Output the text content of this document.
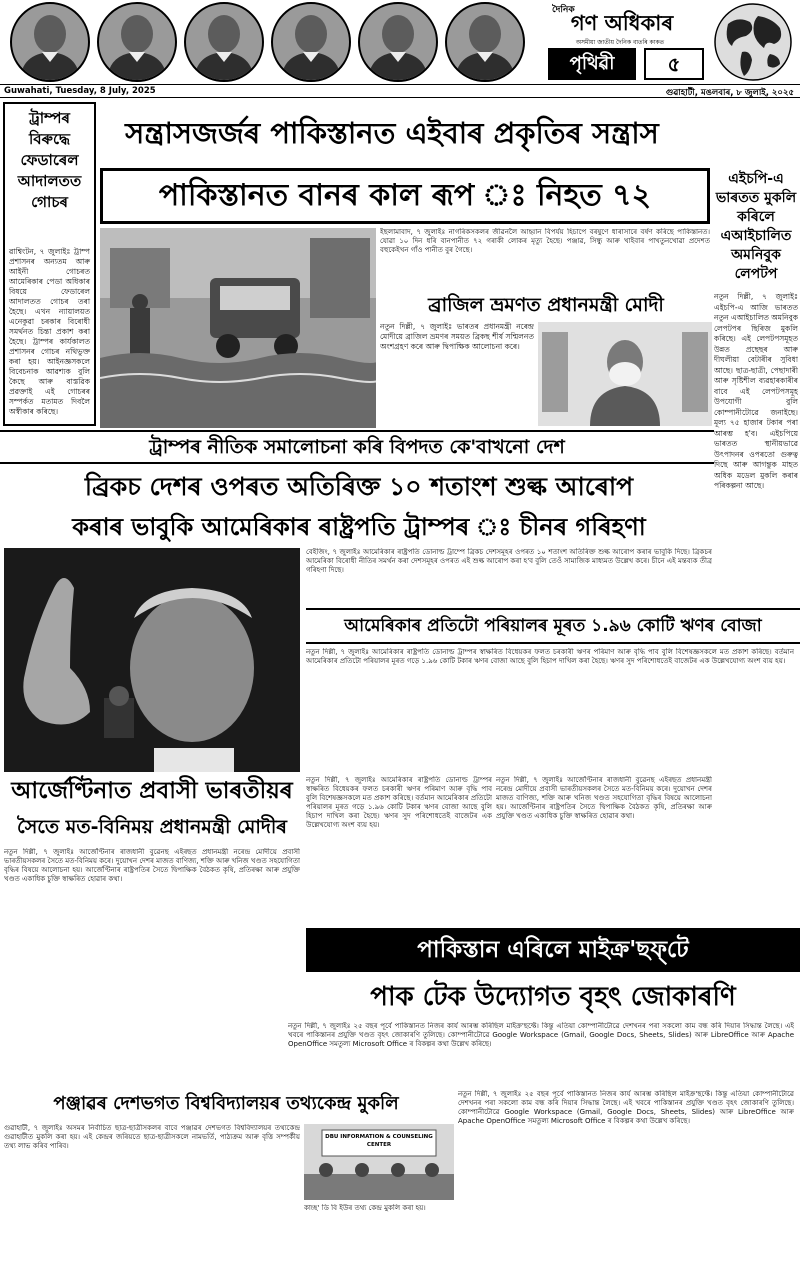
দৈনিক
গণ অধিকাৰ
অসমীয়া জাতীয় দৈনিক বাতৰি কাকত
পৃথিৱী	৫
Guwahati, Tuesday, 8 July, 2025	গুৱাহাটী, মঙলবাৰ, ৮ জুলাই, ২০২৫
ট্ৰাম্পৰ বিৰুদ্ধে ফেডাৰেল আদালতত গোচৰ
ৱাশ্বিংটন, ৭ জুলাইঃ ট্ৰাম্প প্ৰশাসনৰ অন্যতম আৰু আইনী গোচৰত আমেৰিকাৰ পেডা অধিকাৰ বিষয়ে ফেডাৰেল আদালতত গোচৰ তৰা হৈছে। এখন ন্যায়ালয়ত এনেকুৱা চৰকাৰ বিৰোধী সমৰ্থনত চিন্তা প্ৰকাশ কৰা হৈছে। ট্ৰাম্পৰ কাৰ্যকালত প্ৰশাসনৰ গোচৰ নথিভুক্ত কৰা হয়। আইনজ্ঞসকলে বিবেচনাক আৱশ্যক বুলি কৈছে আৰু বাস্তৱিক প্ৰৱক্তাই এই গোচৰৰ সম্পৰ্কত মতামত দিবলৈ অস্বীকাৰ কৰিছে।
সন্ত্ৰাসজৰ্জৰ পাকিস্তানত এইবাৰ প্ৰকৃতিৰ সন্ত্ৰাস
পাকিস্তানত বানৰ কাল ৰূপ ঃ নিহত ৭২	এইচপি-এ ভাৰতত মুকলি কৰিলে এআইচালিত অমনিবুক লেপটপ
নতুন দিল্লী, ৭ জুলাইঃ এইচপি-এ আজি ভাৰতত নতুন এআইচালিত অমনিবুক লেপটপৰ ছিৰিজ মুকলি কৰিছে। এই লেপটপসমূহত উন্নত প্ৰছেছৰ আৰু দীঘলীয়া বেটাৰীৰ সুবিধা আছে। ছাত্ৰ-ছাত্ৰী, পেছাদাৰী আৰু সৃষ্টিশীল ব্যৱহাৰকাৰীৰ বাবে এই লেপটপসমূহ উপযোগী বুলি কোম্পানীটোৱে জনাইছে। মূল্য ৭৫ হাজাৰ টকাৰ পৰা আৰম্ভ হ'ব। এইচপিয়ে ভাৰতত স্থানীয়ভাৱে উৎপাদনৰ ওপৰতো গুৰুত্ব দিছে আৰু আগন্তুক মাহত অধিক মডেল মুকলি কৰাৰ পৰিকল্পনা আছে।
ইছলামাবাদ, ৭ জুলাইঃ নাগৰিকসকলৰ জীৱনলৈ আহ্বান বিপৰ্যয় হিচাপে বৰষুণে ধাৰাসাৰে বৰ্ষণ কৰিছে পাকিস্তানত। যোৱা ১০ দিন ধৰি বানপানীত ৭২ গৰাকী লোকৰ মৃত্যু হৈছে। পঞ্জাৱ, সিন্ধু আৰু খাইবাৰ পাখতুনখোৱা প্ৰদেশত বহুকেইখন গাঁও পানীত বুৰ গৈছে।
ব্ৰাজিল ভ্ৰমণত প্ৰধানমন্ত্ৰী মোদী
নতুন দিল্লী, ৭ জুলাইঃ ভাৰতৰ প্ৰধানমন্ত্ৰী নৰেন্দ্ৰ মোদীয়ে ব্ৰাজিল ভ্ৰমণৰ সময়ত ব্ৰিকছ শীৰ্ষ সন্মিলনত অংশগ্ৰহণ কৰে আৰু দ্বিপাক্ষিক আলোচনা কৰে।
ট্ৰাম্পৰ নীতিক সমালোচনা কৰি বিপদত কে'বাখনো দেশ
ব্ৰিকচ দেশৰ ওপৰত অতিৰিক্ত ১০ শতাংশ শুল্ক আৰোপ
কৰাৰ ভাবুকি আমেৰিকাৰ ৰাষ্ট্ৰপতি ট্ৰাম্পৰ ঃ চীনৰ গৰিহণা
বেইজিং, ৭ জুলাইঃ আমেৰিকাৰ ৰাষ্ট্ৰপতি ডোনাল্ড ট্ৰাম্পে ব্ৰিকচ দেশসমূহৰ ওপৰত ১০ শতাংশ অতিৰিক্ত শুল্ক আৰোপ কৰাৰ ভাবুকি দিছে। ব্ৰিকচৰ আমেৰিকা বিৰোধী নীতিৰ সমৰ্থন কৰা দেশসমূহৰ ওপৰত এই শুল্ক আৰোপ কৰা হ'ব বুলি তেওঁ সামাজিক মাধ্যমত উল্লেখ কৰে। চীনে এই মন্তব্যক তীব্ৰ গৰিহণা দিছে।
আমেৰিকাৰ প্ৰতিটো পৰিয়ালৰ মূৰত ১.৯৬ কোটি ঋণৰ বোজা
নতুন দিল্লী, ৭ জুলাইঃ আমেৰিকাৰ ৰাষ্ট্ৰপতি ডোনাল্ড ট্ৰাম্পৰ স্বাক্ষৰিত বিধেয়কৰ ফলত চৰকাৰী ঋণৰ পৰিমাণ আৰু বৃদ্ধি পাব বুলি বিশেষজ্ঞসকলে মত প্ৰকাশ কৰিছে। বৰ্তমান আমেৰিকাৰ প্ৰতিটো পৰিয়ালৰ মূৰত গড়ে ১.৯৬ কোটি টকাৰ ঋণৰ বোজা আছে বুলি হিচাপ দাখিল কৰা হৈছে। ঋণৰ সুদ পৰিশোধতেই বাজেটৰ এক উল্লেখযোগ্য অংশ ব্যয় হয়।
আৰ্জেণ্টিনাত প্ৰবাসী ভাৰতীয়ৰ
সৈতে মত-বিনিময় প্ৰধানমন্ত্ৰী মোদীৰ
নতুন দিল্লী, ৭ জুলাইঃ আৰ্জেণ্টিনাৰ ৰাজধানী বুৱেনছ এইৰছত প্ৰধানমন্ত্ৰী নৰেন্দ্ৰ মোদীয়ে প্ৰবাসী ভাৰতীয়সকলৰ সৈতে মত-বিনিময় কৰে। দুয়োখন দেশৰ মাজত বাণিজ্য, শক্তি আৰু খনিজ খণ্ডত সহযোগিতা বৃদ্ধিৰ বিষয়ে আলোচনা হয়। আৰ্জেণ্টিনাৰ ৰাষ্ট্ৰপতিৰ সৈতে দ্বিপাক্ষিক বৈঠকত কৃষি, প্ৰতিৰক্ষা আৰু প্ৰযুক্তি খণ্ডত একাধিক চুক্তি স্বাক্ষৰিত হোৱাৰ কথা।
নতুন দিল্লী, ৭ জুলাইঃ আমেৰিকাৰ ৰাষ্ট্ৰপতি ডোনাল্ড ট্ৰাম্পৰ স্বাক্ষৰিত বিধেয়কৰ ফলত চৰকাৰী ঋণৰ পৰিমাণ আৰু বৃদ্ধি পাব বুলি বিশেষজ্ঞসকলে মত প্ৰকাশ কৰিছে। বৰ্তমান আমেৰিকাৰ প্ৰতিটো পৰিয়ালৰ মূৰত গড়ে ১.৯৬ কোটি টকাৰ ঋণৰ বোজা আছে বুলি হিচাপ দাখিল কৰা হৈছে। ঋণৰ সুদ পৰিশোধতেই বাজেটৰ এক উল্লেখযোগ্য অংশ ব্যয় হয়।
নতুন দিল্লী, ৭ জুলাইঃ আৰ্জেণ্টিনাৰ ৰাজধানী বুৱেনছ এইৰছত প্ৰধানমন্ত্ৰী নৰেন্দ্ৰ মোদীয়ে প্ৰবাসী ভাৰতীয়সকলৰ সৈতে মত-বিনিময় কৰে। দুয়োখন দেশৰ মাজত বাণিজ্য, শক্তি আৰু খনিজ খণ্ডত সহযোগিতা বৃদ্ধিৰ বিষয়ে আলোচনা হয়। আৰ্জেণ্টিনাৰ ৰাষ্ট্ৰপতিৰ সৈতে দ্বিপাক্ষিক বৈঠকত কৃষি, প্ৰতিৰক্ষা আৰু প্ৰযুক্তি খণ্ডত একাধিক চুক্তি স্বাক্ষৰিত হোৱাৰ কথা।
পাকিস্তান এৰিলে মাইক্ৰ'ছফ্‌টে
পাক টেক উদ্যোগত বৃহৎ জোকাৰণি
নতুন দিল্লী, ৭ জুলাইঃ ২৫ বছৰ পূৰ্বে পাকিস্তানত নিজৰ কাৰ্য আৰম্ভ কৰিছিল মাইক্ৰ'ছফ্টে। কিন্তু এতিয়া কোম্পানীটোৱে দেশখনৰ পৰা সকলো কাম বন্ধ কৰি দিয়াৰ সিদ্ধান্ত লৈছে। এই খবৰে পাকিস্তানৰ প্ৰযুক্তি খণ্ডত বৃহৎ জোকাৰণি তুলিছে। কোম্পানীটোৱে Google Workspace (Gmail, Google Docs, Sheets, Slides) আৰু LibreOffice আৰু Apache OpenOffice সমতুল্য Microsoft Office ৰ বিকল্পৰ কথা উল্লেখ কৰিছে।
পঞ্জাৱৰ দেশভগত বিশ্ববিদ্যালয়ৰ তথ্যকেন্দ্ৰ মুকলি
গুৱাহাটী, ৭ জুলাইঃ অসমৰ নিৰ্বাচিত ছাত্ৰ-ছাত্ৰীসকলৰ বাবে পঞ্জাৱৰ দেশভগত বিশ্ববিদ্যালয়ৰ তথ্যকেন্দ্ৰ গুৱাহাটীত মুকলি কৰা হয়। এই কেন্দ্ৰৰ জৰিয়তে ছাত্ৰ-ছাত্ৰীসকলে নামভৰ্তি, পাঠ্যক্ৰম আৰু বৃত্তি সম্পৰ্কীয় তথ্য লাভ কৰিব পাৰিব।
DBU INFORMATION & COUNSELING CENTER
কাচ্ছ' ডি বি ইউৰ তথ্য কেন্দ্ৰ মুকলি কৰা হয়।
নতুন দিল্লী, ৭ জুলাইঃ ২৫ বছৰ পূৰ্বে পাকিস্তানত নিজৰ কাৰ্য আৰম্ভ কৰিছিল মাইক্ৰ'ছফ্টে। কিন্তু এতিয়া কোম্পানীটোৱে দেশখনৰ পৰা সকলো কাম বন্ধ কৰি দিয়াৰ সিদ্ধান্ত লৈছে। এই খবৰে পাকিস্তানৰ প্ৰযুক্তি খণ্ডত বৃহৎ জোকাৰণি তুলিছে। কোম্পানীটোৱে Google Workspace (Gmail, Google Docs, Sheets, Slides) আৰু LibreOffice আৰু Apache OpenOffice সমতুল্য Microsoft Office ৰ বিকল্পৰ কথা উল্লেখ কৰিছে।
